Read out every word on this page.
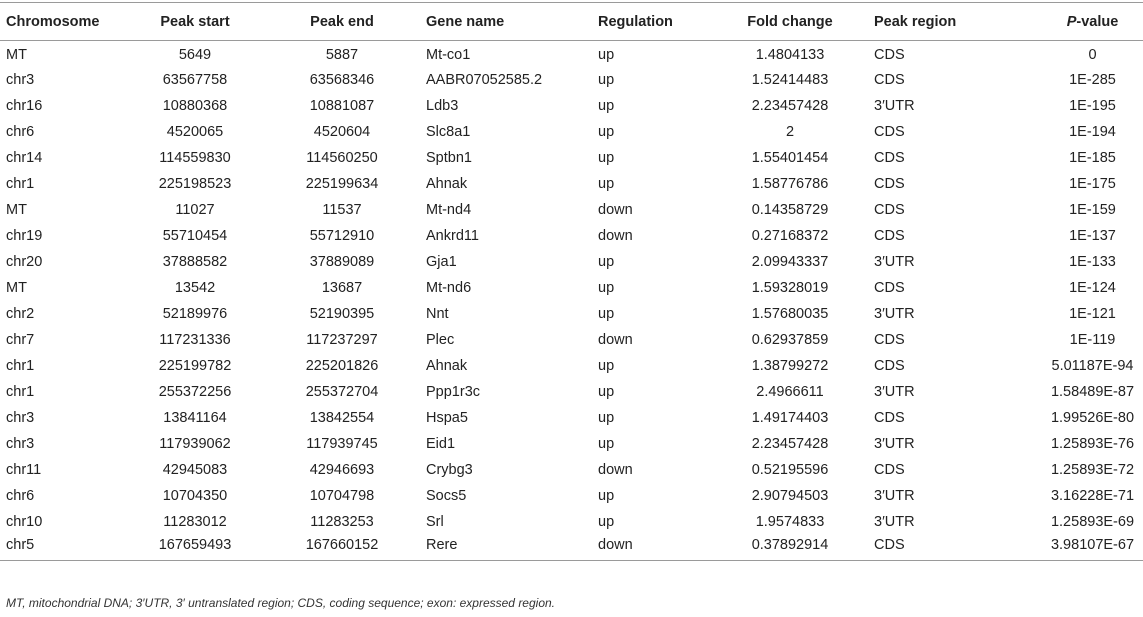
Chromosome	Peak start	Peak end	Gene name	Regulation	Fold change	Peak region	P-value
MT	5649	5887	Mt-co1	up	1.4804133	CDS	0
chr3	63567758	63568346	AABR07052585.2	up	1.52414483	CDS	1E-285
chr16	10880368	10881087	Ldb3	up	2.23457428	3′UTR	1E-195
chr6	4520065	4520604	Slc8a1	up	2	CDS	1E-194
chr14	114559830	114560250	Sptbn1	up	1.55401454	CDS	1E-185
chr1	225198523	225199634	Ahnak	up	1.58776786	CDS	1E-175
MT	11027	11537	Mt-nd4	down	0.14358729	CDS	1E-159
chr19	55710454	55712910	Ankrd11	down	0.27168372	CDS	1E-137
chr20	37888582	37889089	Gja1	up	2.09943337	3′UTR	1E-133
MT	13542	13687	Mt-nd6	up	1.59328019	CDS	1E-124
chr2	52189976	52190395	Nnt	up	1.57680035	3′UTR	1E-121
chr7	117231336	117237297	Plec	down	0.62937859	CDS	1E-119
chr1	225199782	225201826	Ahnak	up	1.38799272	CDS	5.01187E-94
chr1	255372256	255372704	Ppp1r3c	up	2.4966611	3′UTR	1.58489E-87
chr3	13841164	13842554	Hspa5	up	1.49174403	CDS	1.99526E-80
chr3	117939062	117939745	Eid1	up	2.23457428	3′UTR	1.25893E-76
chr11	42945083	42946693	Crybg3	down	0.52195596	CDS	1.25893E-72
chr6	10704350	10704798	Socs5	up	2.90794503	3′UTR	3.16228E-71
chr10	11283012	11283253	Srl	up	1.9574833	3′UTR	1.25893E-69
chr5	167659493	167660152	Rere	down	0.37892914	CDS	3.98107E-67
MT, mitochondrial DNA; 3′UTR, 3′ untranslated region; CDS, coding sequence; exon: expressed region.
